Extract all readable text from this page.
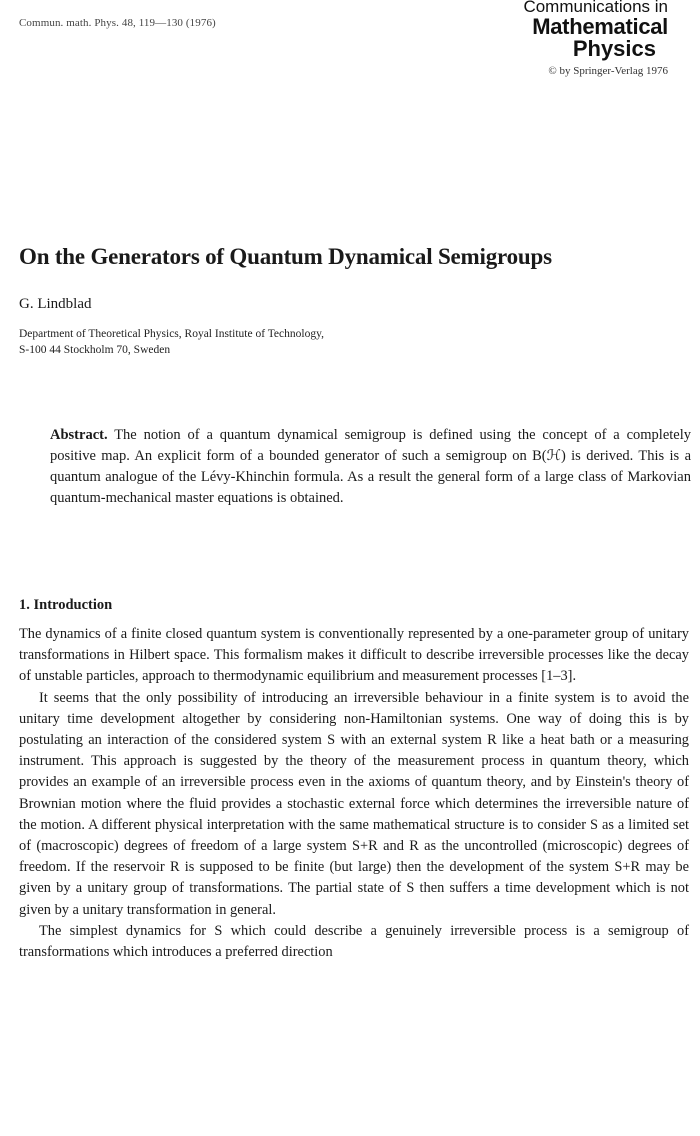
Commun. math. Phys. 48, 119—130 (1976)
Communications in
Mathematical
Physics
© by Springer-Verlag 1976
On the Generators of Quantum Dynamical Semigroups
G. Lindblad
Department of Theoretical Physics, Royal Institute of Technology,
S-100 44 Stockholm 70, Sweden

Abstract. The notion of a quantum dynamical semigroup is defined using the concept of a completely positive map. An explicit form of a bounded generator of such a semigroup on B(ℋ) is derived. This is a quantum analogue of the Lévy-Khinchin formula. As a result the general form of a large class of Markovian quantum-mechanical master equations is obtained.

1. Introduction

The dynamics of a finite closed quantum system is conventionally represented by a one-parameter group of unitary transformations in Hilbert space. This formalism makes it difficult to describe irreversible processes like the decay of unstable particles, approach to thermodynamic equilibrium and measurement processes [1–3].

It seems that the only possibility of introducing an irreversible behaviour in a finite system is to avoid the unitary time development altogether by considering non-Hamiltonian systems. One way of doing this is by postulating an interaction of the considered system S with an external system R like a heat bath or a measuring instrument. This approach is suggested by the theory of the measurement process in quantum theory, which provides an example of an irreversible process even in the axioms of quantum theory, and by Einstein's theory of Brownian motion where the fluid provides a stochastic external force which determines the irreversible nature of the motion. A different physical interpretation with the same mathematical structure is to consider S as a limited set of (macroscopic) degrees of freedom of a large system S+R and R as the uncontrolled (microscopic) degrees of freedom. If the reservoir R is supposed to be finite (but large) then the development of the system S+R may be given by a unitary group of transformations. The partial state of S then suffers a time development which is not given by a unitary transformation in general.

The simplest dynamics for S which could describe a genuinely irreversible process is a semigroup of transformations which introduces a preferred direction
